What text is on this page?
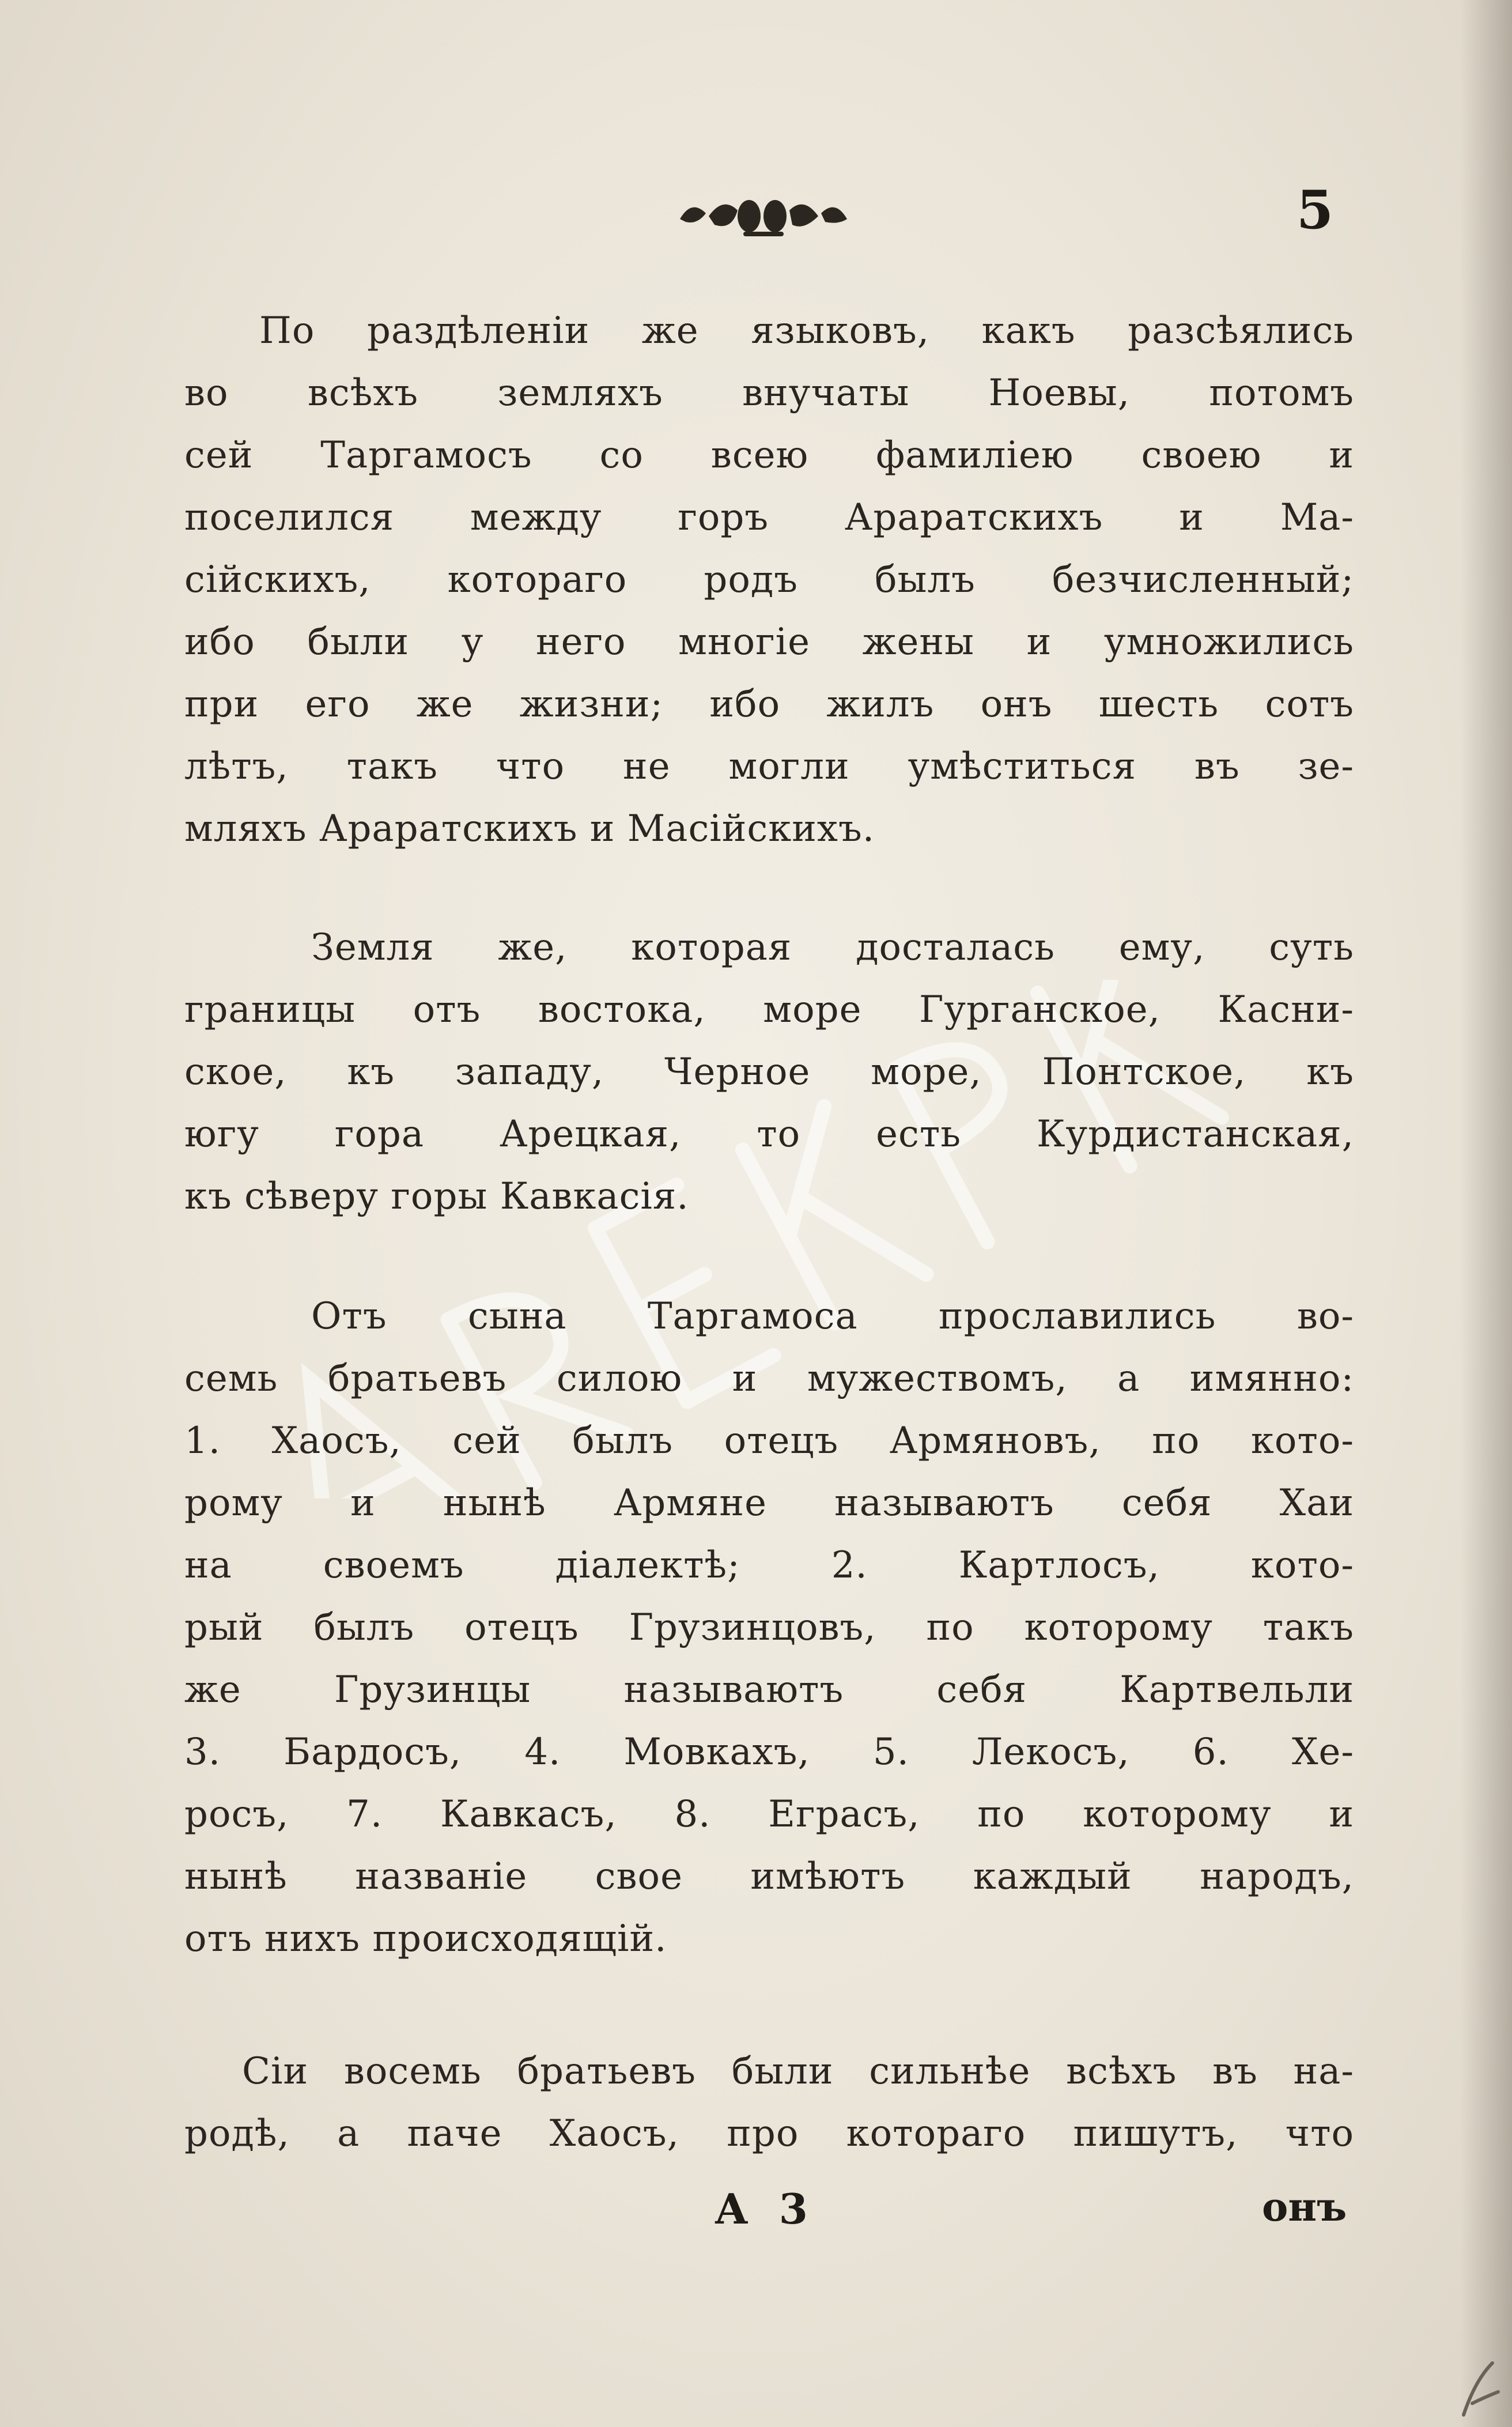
5

По раздѣленiи же языковъ, какъ разсѣялись
во всѣхъ земляхъ внучаты Ноевы, потомъ
сей Таргамосъ со всею фамилiею своею и
поселился между горъ Араратскихъ и Ма-
сiйскихъ, котораго родъ былъ безчисленный;
ибо были у него многiе жены и умножились
при его же жизни; ибо жилъ онъ шесть сотъ
лѣтъ, такъ что не могли умѣститься въ зе-
мляхъ Араратскихъ и Масiйскихъ.

Земля же, которая досталась ему, суть
границы отъ востока, море Гурганское, Касни-
ское, къ западу, Черное море, Понтское, къ
югу гора Арецкая, то есть Курдистанская,
къ сѣверу горы Кавкасiя.

Отъ сына Таргамоса прославились во-
семь братьевъ силою и мужествомъ, а имянно:
1. Хаосъ, сей былъ отецъ Армяновъ, по кото-
рому и нынѣ Армяне называютъ себя Хаи
на своемъ дiалектѣ; 2. Картлосъ, кото-
рый былъ отецъ Грузинцовъ, по которому такъ
же Грузинцы называютъ себя Картвельли
3. Бардосъ, 4. Мовкахъ, 5. Лекосъ, 6. Хе-
росъ, 7. Кавкасъ, 8. Еграсъ, по которому и
нынѣ названiе свое имѣютъ каждый народъ,
отъ нихъ происходящiй.

Сiи восемь братьевъ были сильнѣе всѣхъ въ на-
родѣ, а паче Хаосъ, про котораго пишутъ, что

А 3	онъ
